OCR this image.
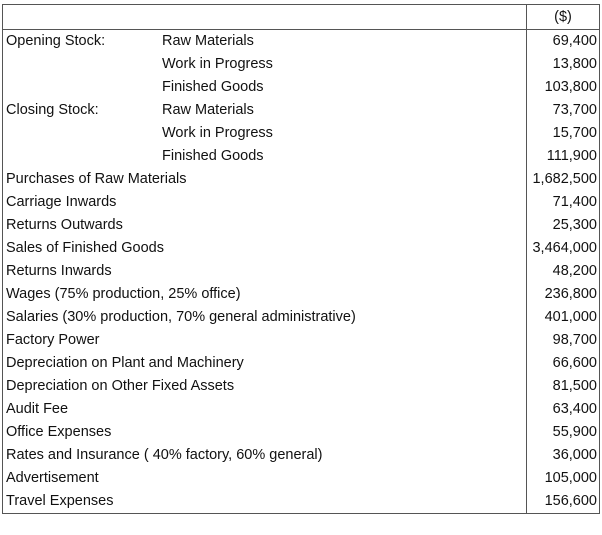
	($)
Opening Stock: Raw Materials	69,400
Work in Progress	13,800
Finished Goods	103,800
Closing Stock: Raw Materials	73,700
Work in Progress	15,700
Finished Goods	111,900
Purchases of Raw Materials	1,682,500
Carriage Inwards	71,400
Returns Outwards	25,300
Sales of Finished Goods	3,464,000
Returns Inwards	48,200
Wages (75% production, 25% office)	236,800
Salaries (30% production, 70% general administrative)	401,000
Factory Power	98,700
Depreciation on Plant and Machinery	66,600
Depreciation on Other Fixed Assets	81,500
Audit Fee	63,400
Office Expenses	55,900
Rates and Insurance ( 40% factory, 60% general)	36,000
Advertisement	105,000
Travel Expenses	156,600
